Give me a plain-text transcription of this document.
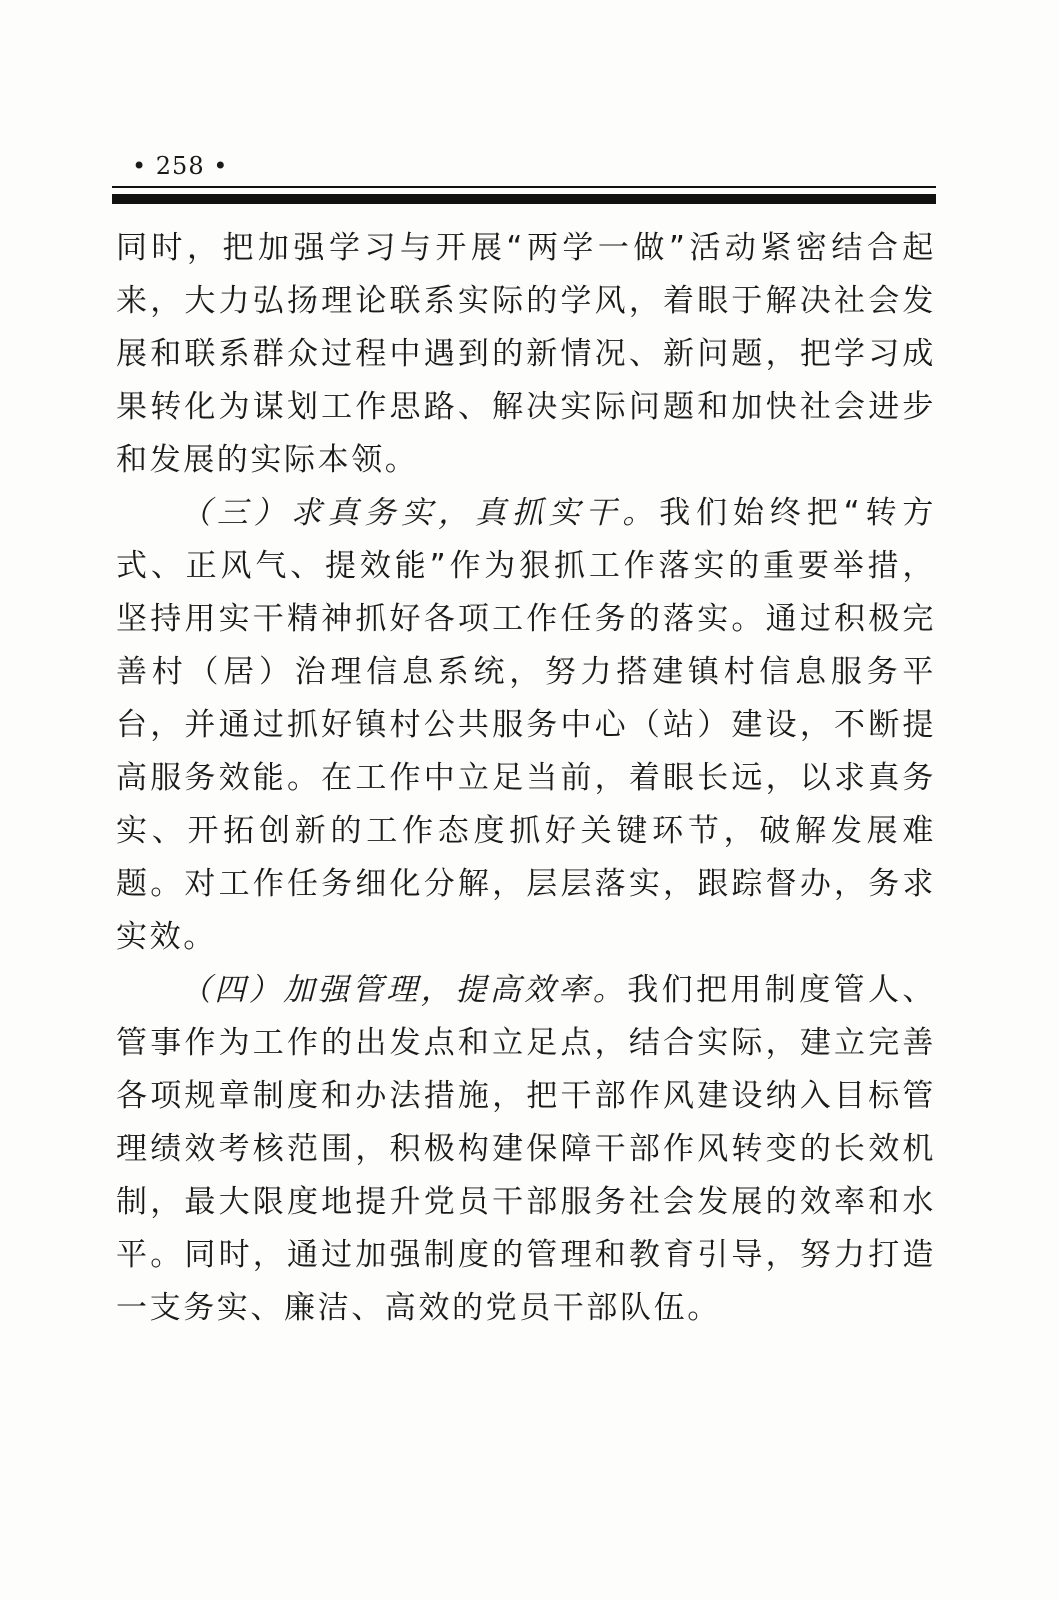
• 258 •

同时，把加强学习与开展“两学一做”活动紧密结合起来，大力弘扬理论联系实际的学风，着眼于解决社会发展和联系群众过程中遇到的新情况、新问题，把学习成果转化为谋划工作思路、解决实际问题和加快社会进步和发展的实际本领。

（三）求真务实，真抓实干。我们始终把“转方式、正风气、提效能”作为狠抓工作落实的重要举措，坚持用实干精神抓好各项工作任务的落实。通过积极完善村（居）治理信息系统，努力搭建镇村信息服务平台，并通过抓好镇村公共服务中心（站）建设，不断提高服务效能。在工作中立足当前，着眼长远，以求真务实、开拓创新的工作态度抓好关键环节，破解发展难题。对工作任务细化分解，层层落实，跟踪督办，务求实效。

（四）加强管理，提高效率。我们把用制度管人、管事作为工作的出发点和立足点，结合实际，建立完善各项规章制度和办法措施，把干部作风建设纳入目标管理绩效考核范围，积极构建保障干部作风转变的长效机制，最大限度地提升党员干部服务社会发展的效率和水平。同时，通过加强制度的管理和教育引导，努力打造一支务实、廉洁、高效的党员干部队伍。
